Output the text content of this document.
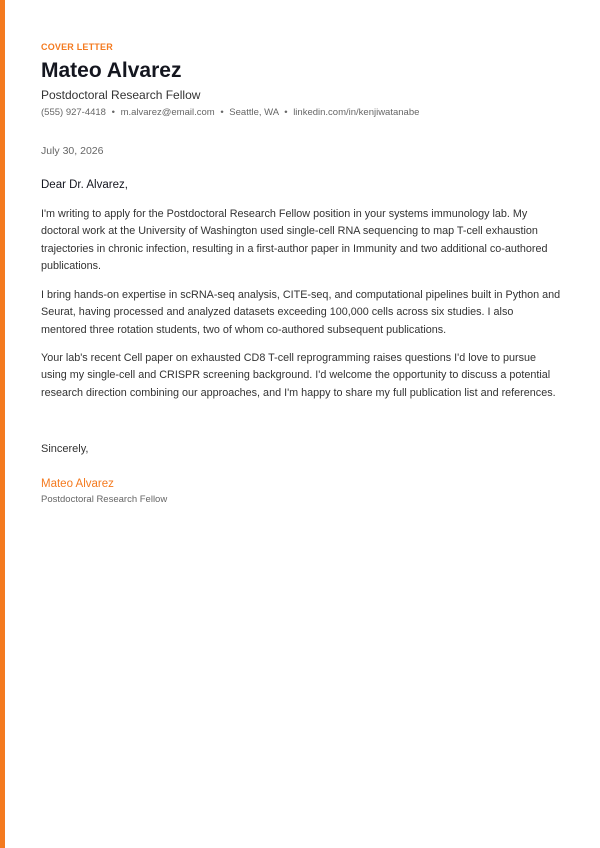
COVER LETTER
Mateo Alvarez
Postdoctoral Research Fellow
(555) 927-4418 • m.alvarez@email.com • Seattle, WA • linkedin.com/in/kenjiwatanabe
July 30, 2026
Dear Dr. Alvarez,

I'm writing to apply for the Postdoctoral Research Fellow position in your systems immunology lab. My doctoral work at the University of Washington used single-cell RNA sequencing to map T-cell exhaustion trajectories in chronic infection, resulting in a first-author paper in Immunity and two additional co-authored publications.

I bring hands-on expertise in scRNA-seq analysis, CITE-seq, and computational pipelines built in Python and Seurat, having processed and analyzed datasets exceeding 100,000 cells across six studies. I also mentored three rotation students, two of whom co-authored subsequent publications.

Your lab's recent Cell paper on exhausted CD8 T-cell reprogramming raises questions I'd love to pursue using my single-cell and CRISPR screening background. I'd welcome the opportunity to discuss a potential research direction combining our approaches, and I'm happy to share my full publication list and references.

Sincerely,
Mateo Alvarez
Postdoctoral Research Fellow
